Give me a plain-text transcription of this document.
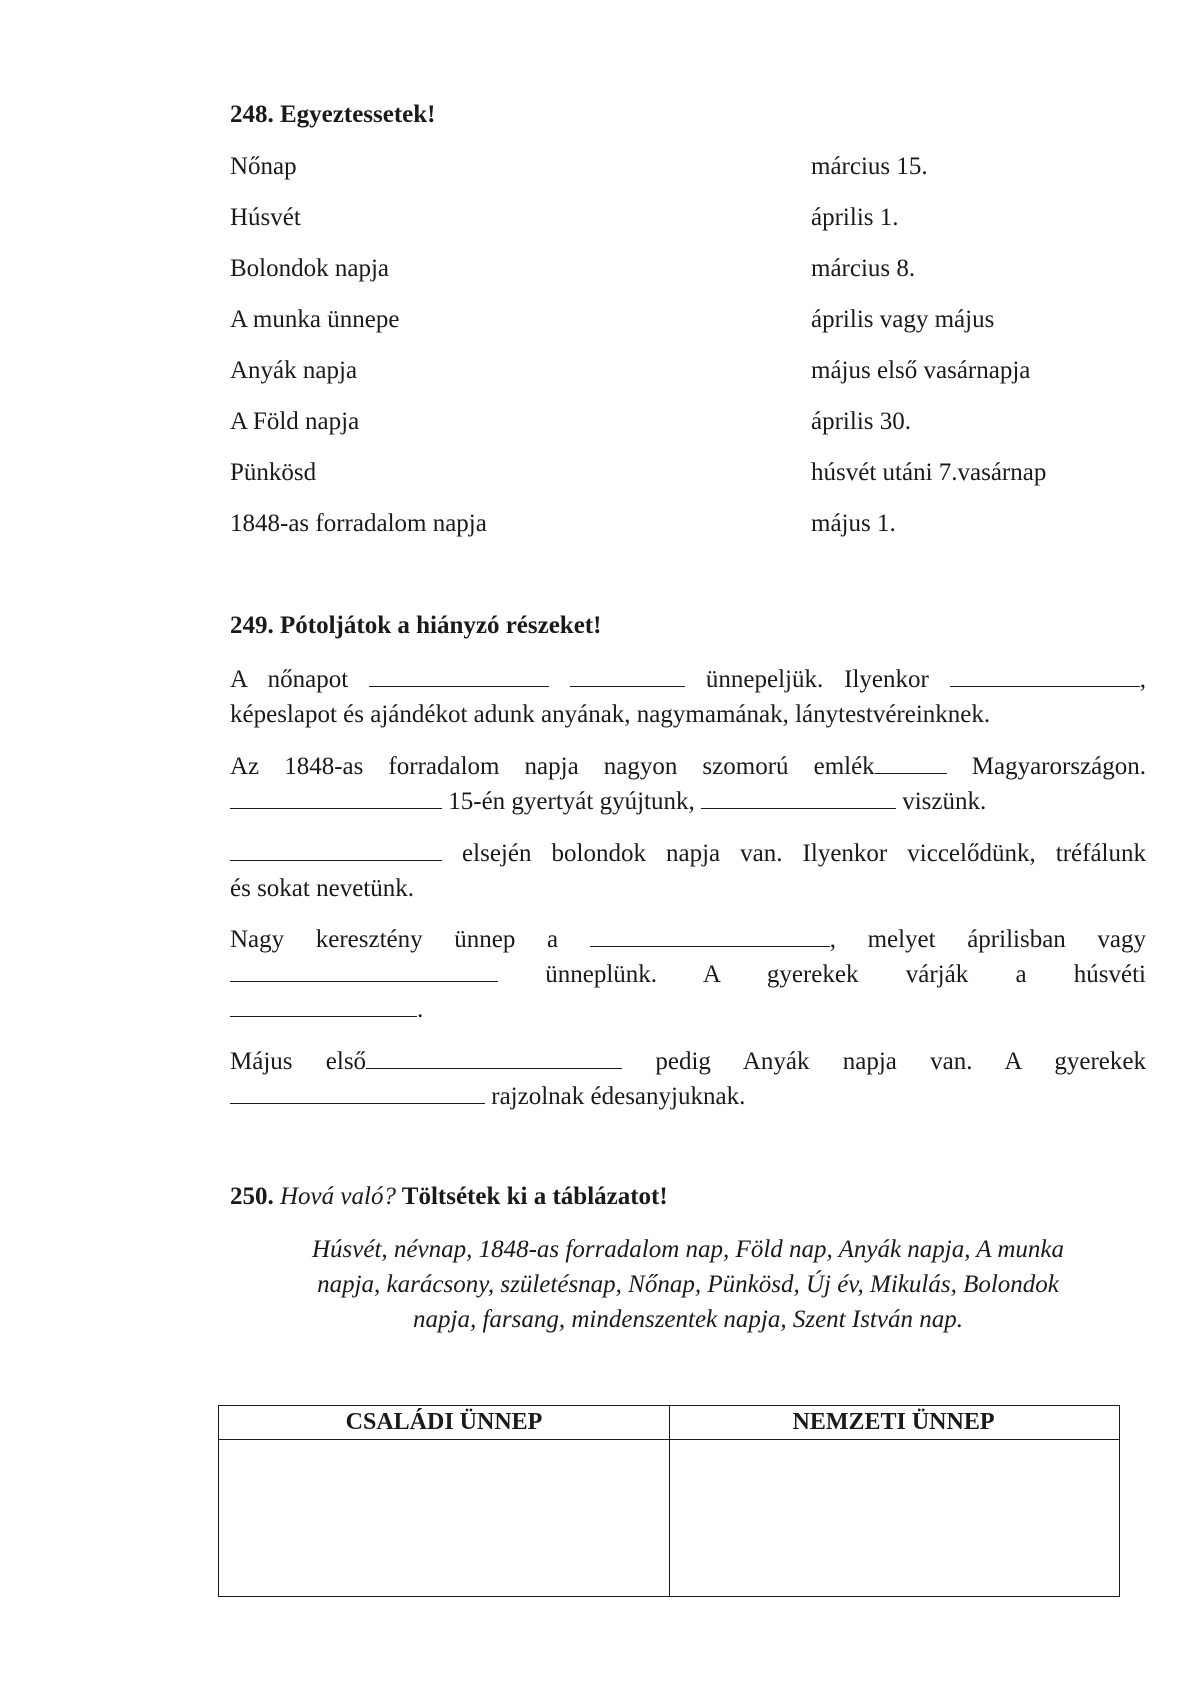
248. Egyeztessetek!
Nőnap	március 15.
Húsvét	április 1.
Bolondok napja	március 8.
A munka ünnepe	április vagy május
Anyák napja	május első vasárnapja
A Föld napja	április 30.
Pünkösd	húsvét utáni 7.vasárnap
1848-as forradalom napja	május 1.
249. Pótoljátok a hiányzó részeket!
A nőnapot	ünnepeljük. Ilyenkor	,
képeslapot és ajándékot adunk anyának, nagymamának, lánytestvéreinknek.
Az 1848-as forradalom napja nagyon szomorú emlék	Magyarországon.
15-én gyertyát gyújtunk,	viszünk.
elsején bolondok napja van. Ilyenkor viccelődünk, tréfálunk
és sokat nevetünk.
Nagy keresztény ünnep a	, melyet áprilisban vagy
ünneplünk. A gyerekek várják a húsvéti
.
Május első	pedig Anyák napja van. A gyerekek
rajzolnak édesanyjuknak.
250. Hová való? Töltsétek ki a táblázatot!
Húsvét, névnap, 1848-as forradalom nap, Föld nap, Anyák napja, A munka
napja, karácsony, születésnap, Nőnap, Pünkösd, Új év, Mikulás, Bolondok
napja, farsang, mindenszentek napja, Szent István nap.
CSALÁDI ÜNNEP	NEMZETI ÜNNEP
